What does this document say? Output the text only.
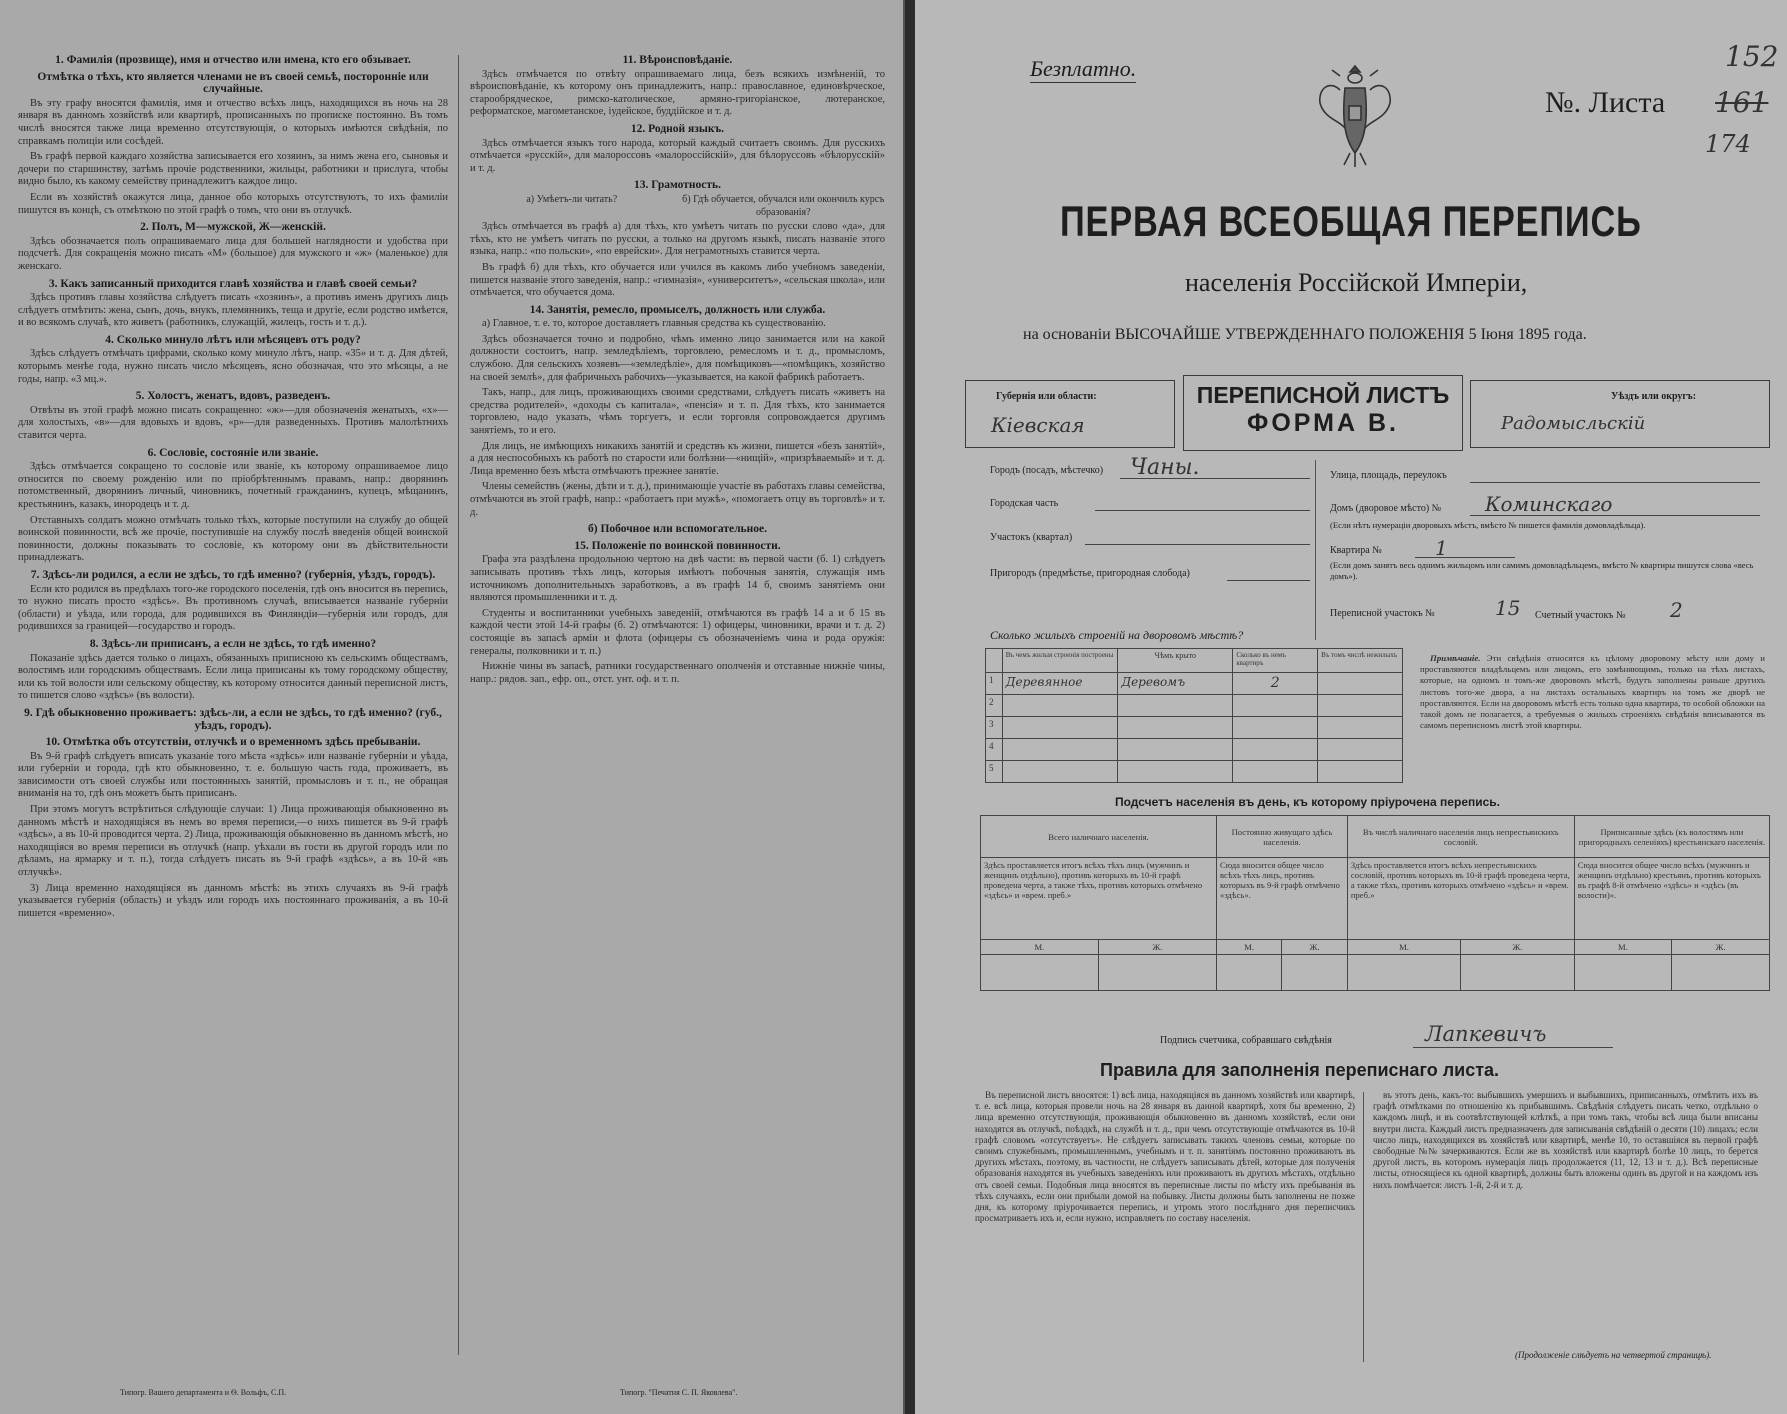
1. Фамилія (прозвище), имя и отчество или имена, кто его обзывает.
Отмѣтка о тѣхъ, кто является членами не въ своей семьѣ, посторонніе или случайные.

Въ эту графу вносятся фамилія, имя и отчество всѣхъ лицъ, находящихся въ ночь на 28 января въ данномъ хозяйствѣ или квартирѣ, прописанныхъ по прописке постоянно. Въ томъ числѣ вносятся также лица временно отсутствующія, о которыхъ имѣются свѣдѣнія, по справкамъ полиціи или сосѣдей.

Въ графѣ первой каждаго хозяйства записывается его хозяинъ, за нимъ жена его, сыновья и дочери по старшинству, затѣмъ прочіе родственники, жильцы, работники и прислуга, чтобы видно было, къ какому семейству принадлежитъ каждое лицо.

Если въ хозяйствѣ окажутся лица, данное обо которыхъ отсутствуютъ, то ихъ фамиліи пишутся въ концѣ, съ отмѣткою по этой графѣ о томъ, что они въ отлучкѣ.

2. Полъ, М—мужской, Ж—женскій.

Здѣсь обозначается полъ опрашиваемаго лица для большей наглядности и удобства при подсчетѣ. Для сокращенія можно писать «М» (большое) для мужского и «ж» (маленькое) для женскаго.

3. Какъ записанный приходится главѣ хозяйства и главѣ своей семьи?

Здѣсь противъ главы хозяйства слѣдуетъ писать «хозяинъ», а противъ именъ другихъ лицъ слѣдуетъ отмѣтить: жена, сынъ, дочь, внукъ, племянникъ, теща и другіе, если родство имѣется, и во всякомъ случаѣ, кто живетъ (работникъ, служащій, жилецъ, гость и т. д.).

4. Сколько минуло лѣтъ или мѣсяцевъ отъ роду?

Здѣсь слѣдуетъ отмѣчать цифрами, сколько кому минуло лѣтъ, напр. «35» и т. д. Для дѣтей, которымъ менѣе года, нужно писать число мѣсяцевъ, ясно обозначая, что это мѣсяцы, а не годы, напр. «3 мц.».

5. Холостъ, женатъ, вдовъ, разведенъ.

Отвѣты въ этой графѣ можно писать сокращенно: «ж»—для обозначенія женатыхъ, «х»—для холостыхъ, «в»—для вдовыхъ и вдовъ, «р»—для разведенныхъ. Противъ малолѣтнихъ ставится черта.

6. Сословіе, состояніе или званіе.

Здѣсь отмѣчается сокращено то сословіе или званіе, къ которому опрашиваемое лицо относится по своему рожденію или по пріобрѣтеннымъ правамъ, напр.: дворянинъ потомственный, дворянинъ личный, чиновникъ, почетный гражданинъ, купецъ, мѣщанинъ, крестьянинъ, казакъ, инородецъ и т. д.

Отставныхъ солдатъ можно отмѣчать только тѣхъ, которые поступили на службу до общей воинской повинности, всѣ же прочіе, поступившіе на службу послѣ введенія общей воинской повинности, должны показывать то сословіе, къ которому они въ дѣйствительности принадлежатъ.

7. Здѣсь-ли родился, а если не здѣсь, то гдѣ именно? (губернія, уѣздъ, городъ).

Если кто родился въ предѣлахъ того-же городского поселенія, гдѣ онъ вносится въ перепись, то нужно писать просто «здѣсь». Въ противномъ случаѣ, вписывается названіе губерніи (области) и уѣзда, или города, для родившихся въ Финляндіи—губернія или городъ, для родившихся за границей—государство и городъ.

8. Здѣсь-ли приписанъ, а если не здѣсь, то гдѣ именно?

Показаніе здѣсь дается только о лицахъ, обязанныхъ приписною къ сельскимъ обществамъ, волостямъ или городскимъ обществамъ. Если лица приписаны къ тому городскому обществу, или къ той волости или сельскому обществу, къ которому относится данный переписной листъ, то пишется слово «здѣсь» (въ волости).

9. Гдѣ обыкновенно проживаетъ: здѣсь-ли, а если не здѣсь, то гдѣ именно? (губ., уѣздъ, городъ).
10. Отмѣтка объ отсутствіи, отлучкѣ и о временномъ здѣсь пребываніи.

Въ 9-й графѣ слѣдуетъ вписать указаніе того мѣста «здѣсь» или названіе губерніи и уѣзда, или губерніи и города, гдѣ кто обыкновенно, т. е. большую часть года, проживаетъ, въ зависимости отъ своей службы или постоянныхъ занятій, промысловъ и т. п., не обращая вниманія на то, гдѣ онъ можетъ быть приписанъ.

При этомъ могутъ встрѣтиться слѣдующіе случаи: 1) Лица проживающія обыкновенно въ данномъ мѣстѣ и находящіяся въ немъ во время переписи,—о нихъ пишется въ 9-й графѣ «здѣсь», а въ 10-й проводится черта. 2) Лица, проживающія обыкновенно въ данномъ мѣстѣ, но находящіяся во время переписи въ отлучкѣ (напр. уѣхали въ гости въ другой городъ или по дѣламъ, на ярмарку и т. п.), тогда слѣдуетъ писать въ 9-й графѣ «здѣсь», а въ 10-й «въ отлучкѣ».

3) Лица временно находящіяся въ данномъ мѣстѣ: въ этихъ случаяхъ въ 9-й графѣ указывается губернія (область) и уѣздъ или городъ ихъ постояннаго проживанія, а въ 10-й пишется «временно».

11. Вѣроисповѣданіе.

Здѣсь отмѣчается по отвѣту опрашиваемаго лица, безъ всякихъ измѣненій, то вѣроисповѣданіе, къ которому онъ принадлежитъ, напр.: православное, единовѣрческое, старообрядческое, римско-католическое, армяно-григоріанское, лютеранское, реформатское, магометанское, іудейское, буддійское и т. д.

12. Родной языкъ.

Здѣсь отмѣчается языкъ того народа, который каждый считаетъ своимъ. Для русскихъ отмѣчается «русскій», для малороссовъ «малороссійскій», для бѣлоруссовъ «бѣлорусскій» и т. д.

13. Грамотность.
а) Умѣетъ-ли читать?	б) Гдѣ обучается, обучался или окончилъ курсъ образованія?

Здѣсь отмѣчается въ графѣ а) для тѣхъ, кто умѣетъ читать по русски слово «да», для тѣхъ, кто не умѣетъ читать по русски, а только на другомъ языкѣ, писать названіе этого языка, напр.: «по польски», «по еврейски». Для неграмотныхъ ставится черта.

Въ графѣ б) для тѣхъ, кто обучается или учился въ какомъ либо учебномъ заведеніи, пишется названіе этого заведенія, напр.: «гимназія», «университетъ», «сельская школа», или отмѣчается, что обучается дома.

14. Занятія, ремесло, промыселъ, должность или служба.

а) Главное, т. е. то, которое доставляетъ главныя средства къ существованію.

Здѣсь обозначается точно и подробно, чѣмъ именно лицо занимается или на какой должности состоитъ, напр. земледѣліемъ, торговлею, ремесломъ и т. д., промысломъ, службою. Для сельскихъ хозяевъ—«земледѣліе», для помѣщиковъ—«помѣщикъ, хозяйство на своей землѣ», для фабричныхъ рабочихъ—указывается, на какой фабрикѣ работаетъ.

Такъ, напр., для лицъ, проживающихъ своими средствами, слѣдуетъ писать «живетъ на средства родителей», «доходы съ капитала», «пенсія» и т. п. Для тѣхъ, кто занимается торговлею, надо указать, чѣмъ торгуетъ, и если торговля сопровождается другимъ занятіемъ, то и его.

Для лицъ, не имѣющихъ никакихъ занятій и средствъ къ жизни, пишется «безъ занятій», а для неспособныхъ къ работѣ по старости или болѣзни—«нищій», «призрѣваемый» и т. д. Лица временно безъ мѣста отмѣчаютъ прежнее занятіе.

Члены семействъ (жены, дѣти и т. д.), принимающіе участіе въ работахъ главы семейства, отмѣчаются въ этой графѣ, напр.: «работаетъ при мужѣ», «помогаетъ отцу въ торговлѣ» и т. д.

б) Побочное или вспомогательное.
15. Положеніе по воинской повинности.

Графа эта раздѣлена продольною чертою на двѣ части: въ первой части (б. 1) слѣдуетъ записывать противъ тѣхъ лицъ, которыя имѣютъ побочныя занятія, служащія имъ источникомъ дополнительныхъ заработковъ, а въ графѣ 14 б, своимъ занятіемъ они являются промышленники и т. д.

Студенты и воспитанники учебныхъ заведеній, отмѣчаются въ графѣ 14 а и б 15 въ каждой чести этой 14-й графы (б. 2) отмѣчаются: 1) офицеры, чиновники, врачи и т. д. 2) состоящіе въ запасѣ арміи и флота (офицеры съ обозначеніемъ чина и рода оружія: генералы, полковники и т. п.)

Нижніе чины въ запасѣ, ратники государственнаго ополченія и отставные нижніе чины, напр.: рядов. зап., ефр. оп., отст. унт. оф. и т. п.

Типогр. Вашего департамента и Ѳ. Вольфъ, С.П.	Типогр. "Печатня С. П. Яковлева".
Безплатно.
№. Листа
152
161
174
ПЕРВАЯ ВСЕОБЩАЯ ПЕРЕПИСЬ
населенія Россійской Имперіи,
на основаніи ВЫСОЧАЙШЕ УТВЕРЖДЕННАГО ПОЛОЖЕНІЯ 5 Іюня 1895 года.
Губернія или области:
Кіевская
ПЕРЕПИСНОЙ ЛИСТЪ
ФОРМА В.
Уѣздъ или округъ:
Радомысльскій
Городъ (посадъ, мѣстечко) Чаны.
Городская часть
Участокъ (квартал)
Пригородъ (предмѣстье, пригородная слобода)
Улица, площадь, переулокъ
Домъ (дворовое мѣсто) № Коминскаго
(Если нѣтъ нумераціи дворовыхъ мѣстъ, вмѣсто № пишется фамилія домовладѣльца).
Квартира №	1
(Если домъ занятъ весь однимъ жильцомъ или самимъ домовладѣльцемъ, вмѣсто № квартиры пишутся слова «весь домъ»).
Переписной участокъ №	15 Счетный участокъ № 2
Сколько жилыхъ строеній на дворовомъ мѣстѣ?
	Въ чемъ жилыя строенія построены	Чѣмъ крыто	Сколько въ немъ квартиръ	Въ томъ числѣ нежилыхъ
1	Деревянное	Деревомъ	2	
2				
3				
4				
5				

Примѣчаніе. Эти свѣдѣнія относятся къ цѣлому дворовому мѣсту или дому и проставляются владѣльцемъ или лицомъ, его замѣняющимъ, только на тѣхъ листахъ, которые, на одномъ и томъ-же дворовомъ мѣстѣ, будутъ заполнены раньше другихъ листовъ того-же двора, а на листахъ остальныхъ квартиръ на томъ же дворѣ не проставляются. Если на дворовомъ мѣстѣ есть только одна квартира, то особой обложки на такой домъ не полагается, а требуемыя о жилыхъ строеніяхъ свѣдѣнія вписываются въ самомъ переписномъ листѣ этой квартиры.

Подсчетъ населенія въ день, къ которому пріурочена перепись.
Всего наличнаго населенія.		Постоянно живущаго здѣсь населенія.		Въ числѣ наличнаго населенія лицъ непрестьянскихъ сословій.		Приписанные здѣсь (къ волостямъ или пригородныхъ селеніяхъ) крестьянскаго населенія.	
Здѣсь проставляется итогъ всѣхъ тѣхъ лицъ (мужчинъ и женщинъ отдѣльно), противъ которыхъ въ 10-й графѣ проведена черта, а также тѣхъ, противъ которыхъ отмѣчено «здѣсь» и «врем. преб.»		Сюда вносится общее число всѣхъ тѣхъ лицъ, противъ которыхъ въ 9-й графѣ отмѣчено «здѣсь».		Здѣсь проставляется итогъ всѣхъ непрестьянскихъ сословій, противъ которыхъ въ 10-й графѣ проведена черта, а также тѣхъ, противъ которыхъ отмѣчено «здѣсь» и «врем. преб.»		Сюда вносится общее число всѣхъ (мужчинъ и женщинъ отдѣльно) крестьянъ, противъ которыхъ въ графѣ 8-й отмѣчено «здѣсь» и «здѣсь (въ волости)».	
М.	Ж.	М.	Ж.	М.	Ж.	М.	Ж.

Подпись счетчика, собравшаго свѣдѣнія	Лапкевичъ
Правила для заполненія переписнаго листа.

Въ переписной листъ вносятся: 1) всѣ лица, находящіяся въ данномъ хозяйствѣ или квартирѣ, т. е. всѣ лица, которыя провели ночь на 28 января въ данной квартирѣ, хотя бы временно, 2) лица временно отсутствующія, проживающія обыкновенно въ данномъ хозяйствѣ, если они находятся въ отлучкѣ, поѣздкѣ, на службѣ и т. д., при чемъ отсутствующіе отмѣчаются въ 10-й графѣ словомъ «отсутствуетъ». Не слѣдуетъ записывать такихъ членовъ семьи, которые по своимъ служебнымъ, промышленнымъ, учебнымъ и т. п. занятіямъ постоянно проживаютъ въ другихъ мѣстахъ, поэтому, въ частности, не слѣдуетъ записывать дѣтей, которые для полученія образованія находятся въ учебныхъ заведеніяхъ или проживаютъ въ другихъ мѣстахъ, отдѣльно отъ своей семьи. Подобныя лица вносятся въ переписные листы по мѣсту ихъ пребыванія въ тѣхъ случаяхъ, если они прибыли домой на побывку. Листы должны быть заполнены не позже дня, къ которому пріурочивается перепись, и утромъ этого послѣдняго дня переписчикъ просматриваетъ ихъ и, если нужно, исправляетъ по составу населенія.

въ этотъ день, какъ-то: выбывшихъ умершихъ и выбывшихъ, приписанныхъ, отмѣтить ихъ въ графѣ отмѣтками по отношенію къ прибывшимъ. Свѣдѣнія слѣдуетъ писать четко, отдѣльно о каждомъ лицѣ, и въ соотвѣтствующей клѣткѣ, а при томъ такъ, чтобы всѣ лица были вписаны внутри листа. Каждый листъ предназначенъ для записыванія свѣдѣній о десяти (10) лицахъ; если число лицъ, находящихся въ хозяйствѣ или квартирѣ, менѣе 10, то оставшіяся въ первой графѣ свободные №№ зачеркиваются. Если же въ хозяйствѣ или квартирѣ болѣе 10 лицъ, то берется другой листъ, въ которомъ нумерація лицъ продолжается (11, 12, 13 и т. д.). Всѣ переписные листы, относящіеся къ одной квартирѣ, должны быть вложены одинъ въ другой и на каждомъ изъ нихъ помѣчается: листъ 1-й, 2-й и т. д.

(Продолженіе слѣдуетъ на четвертой страницѣ).
